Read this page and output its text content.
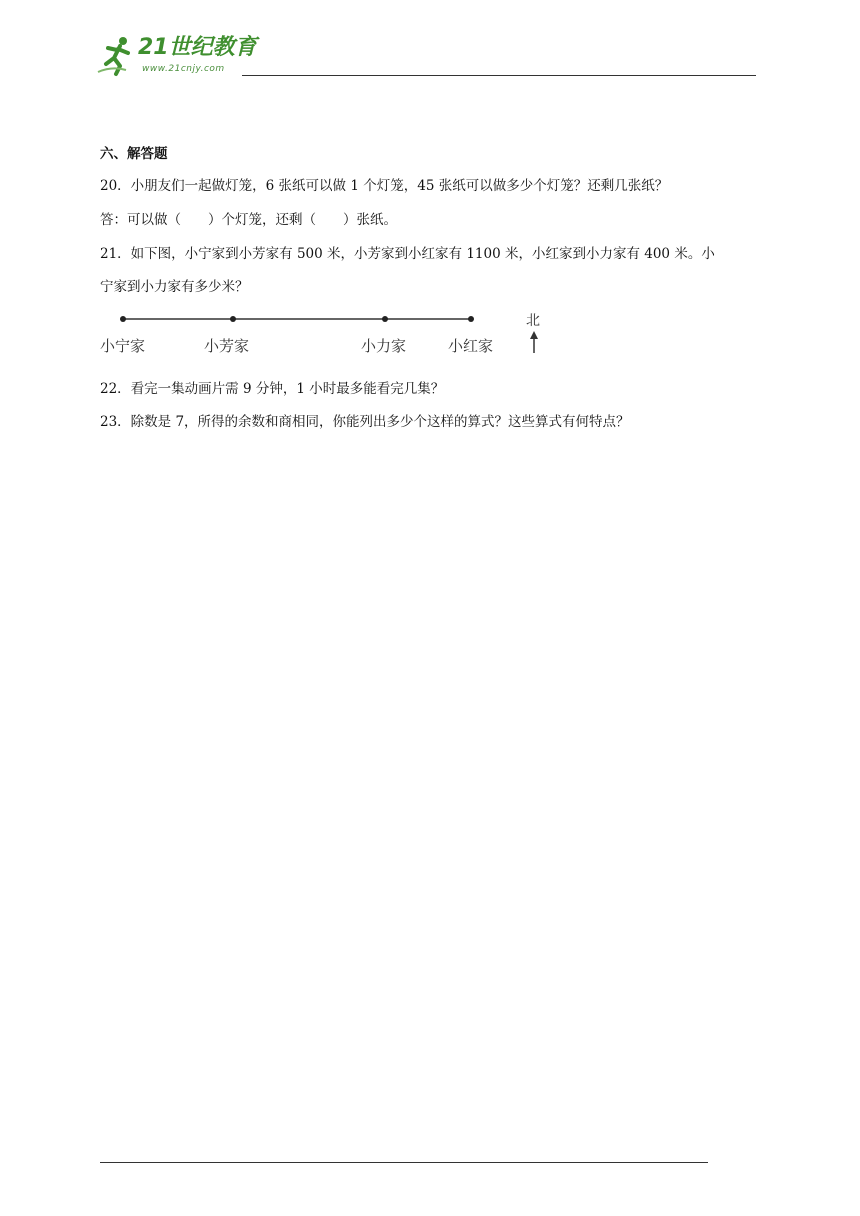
21世纪教育
www.21cnjy.com
六、解答题
20．小朋友们一起做灯笼，6 张纸可以做 1 个灯笼，45 张纸可以做多少个灯笼？还剩几张纸？
答：可以做（　　）个灯笼，还剩（　　）张纸。
21．如下图，小宁家到小芳家有 500 米，小芳家到小红家有 1100 米，小红家到小力家有 400 米。小
宁家到小力家有多少米？
小宁家	小芳家	小力家	小红家
北
22．看完一集动画片需 9 分钟，1 小时最多能看完几集？
23．除数是 7，所得的余数和商相同，你能列出多少个这样的算式？这些算式有何特点？
